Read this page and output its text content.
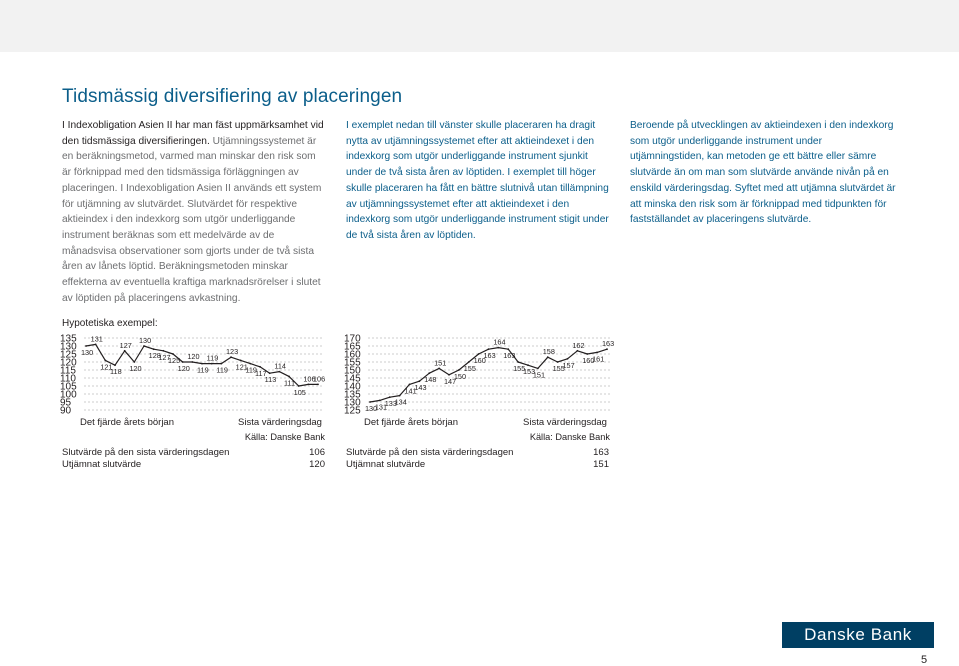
Tidsmässig diversifiering av placeringen

I Indexobligation Asien II har man fäst uppmärksamhet vid den tidsmässiga diversifieringen. Utjämningssystemet är en beräkningsmetod, varmed man minskar den risk som är förknippad med den tidsmässiga förläggningen av placeringen. I Indexobligation Asien II används ett system för utjämning av slutvärdet. Slutvärdet för respektive aktieindex i den indexkorg som utgör underliggande instrument beräknas som ett medelvärde av de månadsvisa observationer som gjorts under de två sista åren av lånets löptid. Beräkningsmetoden minskar effekterna av eventuella kraftiga marknadsrörelser i slutet av löptiden på placeringens avkastning.

I exemplet nedan till vänster skulle placeraren ha dragit nytta av utjämningssystemet efter att aktieindexet i den indexkorg som utgör underliggande instrument sjunkit under de två sista åren av löptiden. I exemplet till höger skulle placeraren ha fått en bättre slutnivå utan tillämpning av utjämningssystemet efter att aktieindexet i den indexkorg som utgör underliggande instrument stigit under de två sista åren av löptiden.

Beroende på utvecklingen av aktieindexen i den indexkorg som utgör underliggande instrument under utjämningstiden, kan metoden ge ett bättre eller sämre slutvärde än om man som slutvärde använde nivån på en enskild värderingsdag. Syftet med att utjämna slutvärdet är att minska den risk som är förknippad med tidpunkten för fastställandet av placeringens slutvärde.

Hypotetiska exempel:
135
130
125
120
115
110
105
100
95
90
130
131
121
118
127
120
130
128
127
125
120
120
119
119
119
123
121
119
117
113
114
111
105
106
106
Det fjärde årets början	Sista värderingsdag
Källa: Danske Bank
Slutvärde på den sista värderingsdagen	106
Utjämnat slutvärde	120
170
165
160
155
150
145
140
135
130
125 130
131
133
134
141
143
148
151
147
150
155
160
163
164
163
155
153
151
158
155
157
162
160
161
163
Det fjärde årets början	Sista värderingsdag
Källa: Danske Bank
Slutvärde på den sista värderingsdagen	163
Utjämnat slutvärde	151
Danske Bank
5
